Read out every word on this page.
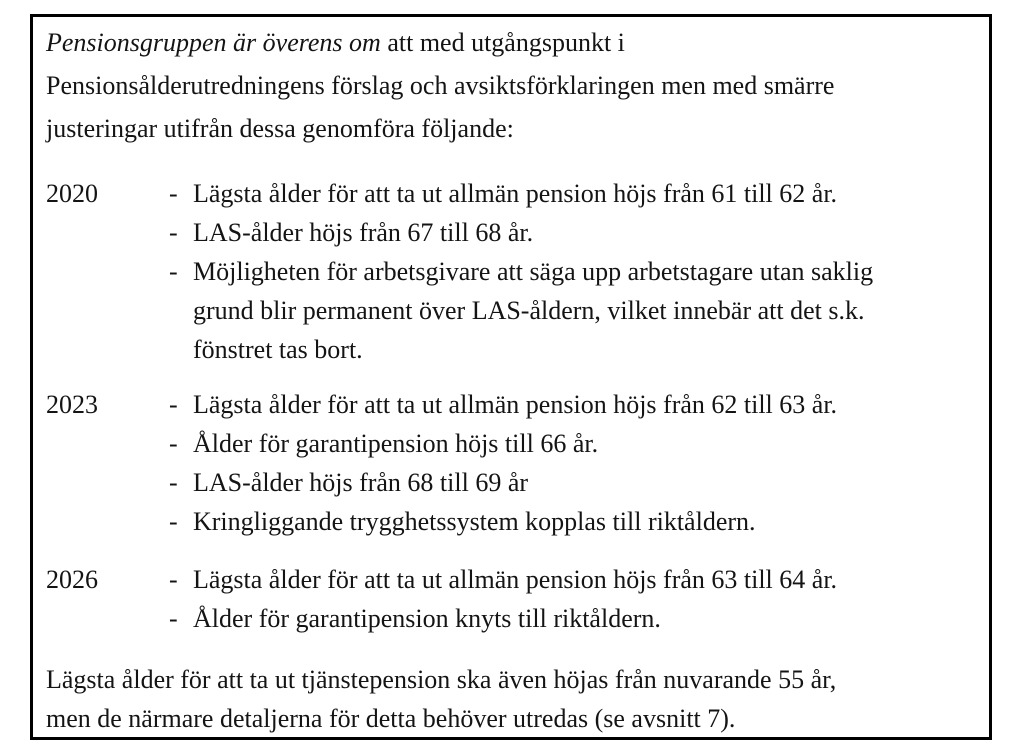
Pensionsgruppen är överens om att med utgångspunkt i
Pensionsålderutredningens förslag och avsiktsförklaringen men med smärre
justeringar utifrån dessa genomföra följande:
2020	- Lägsta ålder för att ta ut allmän pension höjs från 61 till 62 år.
- LAS-ålder höjs från 67 till 68 år.
- Möjligheten för arbetsgivare att säga upp arbetstagare utan saklig
grund blir permanent över LAS-åldern, vilket innebär att det s.k.
fönstret tas bort.
2023	- Lägsta ålder för att ta ut allmän pension höjs från 62 till 63 år.
- Ålder för garantipension höjs till 66 år.
- LAS-ålder höjs från 68 till 69 år
- Kringliggande trygghetssystem kopplas till riktåldern.
2026	- Lägsta ålder för att ta ut allmän pension höjs från 63 till 64 år.
- Ålder för garantipension knyts till riktåldern.
Lägsta ålder för att ta ut tjänstepension ska även höjas från nuvarande 55 år,
men de närmare detaljerna för detta behöver utredas (se avsnitt 7).
